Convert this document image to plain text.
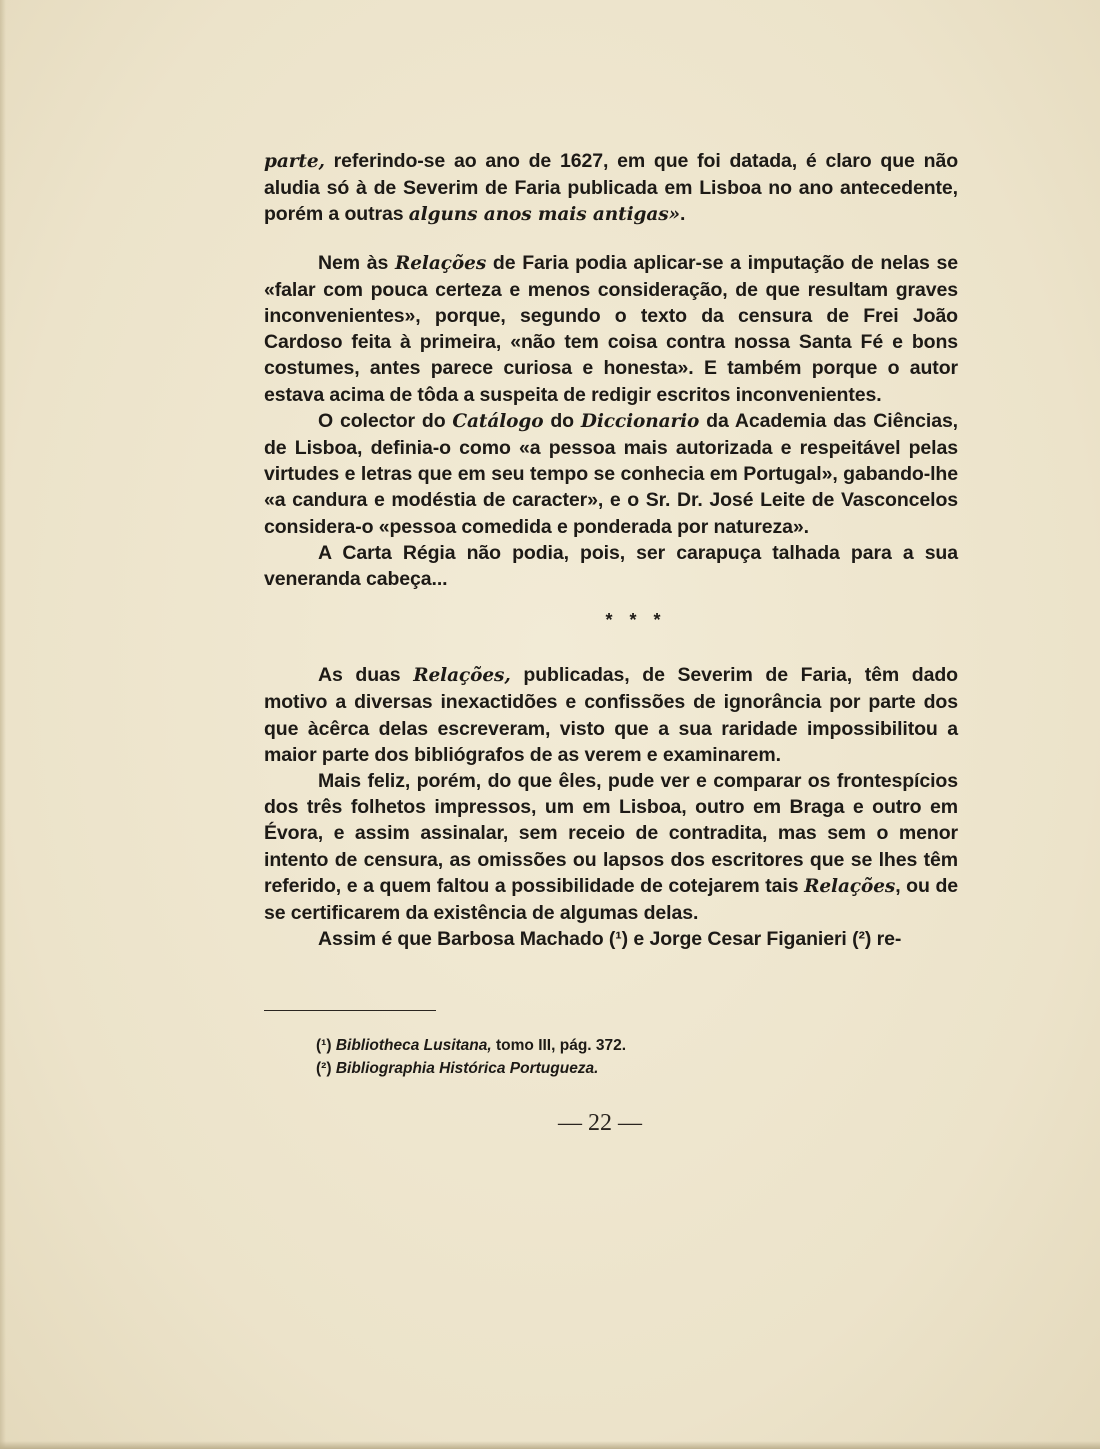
parte, referindo-se ao ano de 1627, em que foi datada, é claro que não aludia só à de Severim de Faria publicada em Lisboa no ano antecedente, porém a outras alguns anos mais antigas».

Nem às Relações de Faria podia aplicar-se a imputação de nelas se «falar com pouca certeza e menos consideração, de que resultam graves inconvenientes», porque, segundo o texto da censura de Frei João Cardoso feita à primeira, «não tem coisa contra nossa Santa Fé e bons costumes, antes parece curiosa e honesta». E também porque o autor estava acima de tôda a suspeita de redigir escritos inconvenientes.

O colector do Catálogo do Diccionario da Academia das Ciências, de Lisboa, definia-o como «a pessoa mais autorizada e respeitável pelas virtudes e letras que em seu tempo se conhecia em Portugal», gabando-lhe «a candura e modéstia de caracter», e o Sr. Dr. José Leite de Vasconcelos considera-o «pessoa comedida e ponderada por natureza».

A Carta Régia não podia, pois, ser carapuça talhada para a sua veneranda cabeça...

* * *

As duas Relações, publicadas, de Severim de Faria, têm dado motivo a diversas inexactidões e confissões de ignorância por parte dos que àcêrca delas escreveram, visto que a sua raridade impossibilitou a maior parte dos bibliógrafos de as verem e examinarem.

Mais feliz, porém, do que êles, pude ver e comparar os frontespícios dos três folhetos impressos, um em Lisboa, outro em Braga e outro em Évora, e assim assinalar, sem receio de contradita, mas sem o menor intento de censura, as omissões ou lapsos dos escritores que se lhes têm referido, e a quem faltou a possibilidade de cotejarem tais Relações, ou de se certificarem da existência de algumas delas.

Assim é que Barbosa Machado (¹) e Jorge Cesar Figanieri (²) re-

(¹) Bibliotheca Lusitana, tomo III, pág. 372.

(²) Bibliographia Histórica Portugueza.

— 22 —
